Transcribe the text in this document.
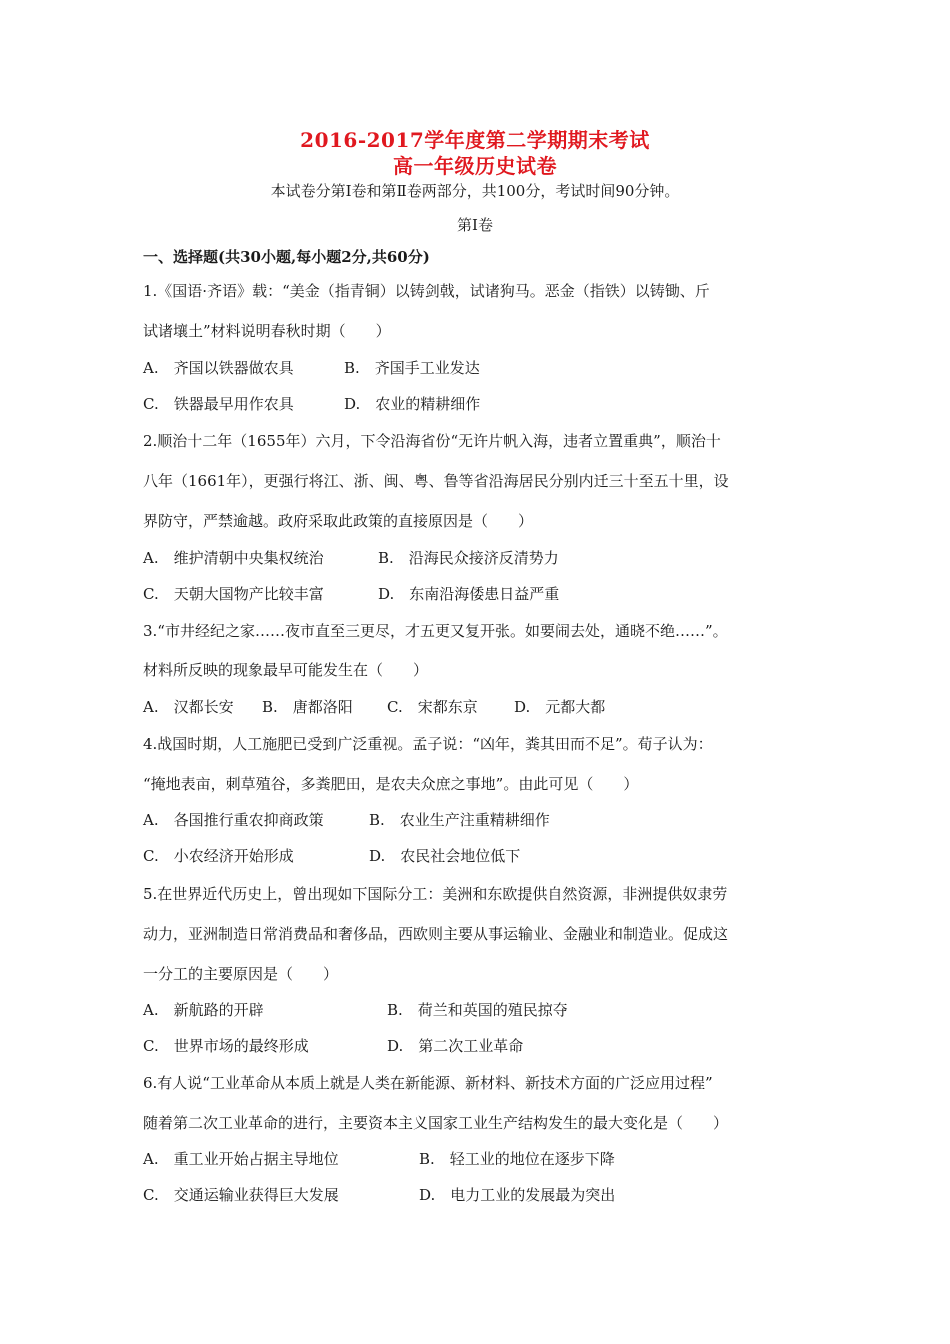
2016-2017学年度第二学期期末考试
高一年级历史试卷
本试卷分第Ⅰ卷和第Ⅱ卷两部分，共100分，考试时间90分钟。
第Ⅰ卷
一、选择题(共30小题,每小题2分,共60分)
1.《国语·齐语》载：“美金（指青铜）以铸剑戟，试诸狗马。恶金（指铁）以铸锄、斤
试诸壤土”材料说明春秋时期（　　）
A.　齐国以铁器做农具	B.　齐国手工业发达
C.　铁器最早用作农具	D.　农业的精耕细作
2.顺治十二年（1655年）六月，下令沿海省份“无许片帆入海，违者立置重典”，顺治十
八年（1661年），更强行将江、浙、闽、粤、鲁等省沿海居民分别内迁三十至五十里，设
界防守，严禁逾越。政府采取此政策的直接原因是（　　）
A.　维护清朝中央集权统治	B.　沿海民众接济反清势力
C.　天朝大国物产比较丰富	D.　东南沿海倭患日益严重
3.“市井经纪之家……夜市直至三更尽，才五更又复开张。如要闹去处，通晓不绝……”。
材料所反映的现象最早可能发生在（　　）
A.　汉都长安 B.　唐都洛阳 C.　宋都东京 D.　元都大都
4.战国时期，人工施肥已受到广泛重视。孟子说：“凶年，粪其田而不足”。荀子认为：
“掩地表亩，刺草殖谷，多粪肥田，是农夫众庶之事地”。由此可见（　　）
A.　各国推行重农抑商政策	B.　农业生产注重精耕细作
C.　小农经济开始形成	D.　农民社会地位低下
5.在世界近代历史上，曾出现如下国际分工：美洲和东欧提供自然资源，非洲提供奴隶劳
动力，亚洲制造日常消费品和奢侈品，西欧则主要从事运输业、金融业和制造业。促成这
一分工的主要原因是（　　）
A.　新航路的开辟	B.　荷兰和英国的殖民掠夺
C.　世界市场的最终形成	D.　第二次工业革命
6.有人说“工业革命从本质上就是人类在新能源、新材料、新技术方面的广泛应用过程”
随着第二次工业革命的进行，主要资本主义国家工业生产结构发生的最大变化是（　　）
A.　重工业开始占据主导地位	B.　轻工业的地位在逐步下降
C.　交通运输业获得巨大发展	D.　电力工业的发展最为突出
